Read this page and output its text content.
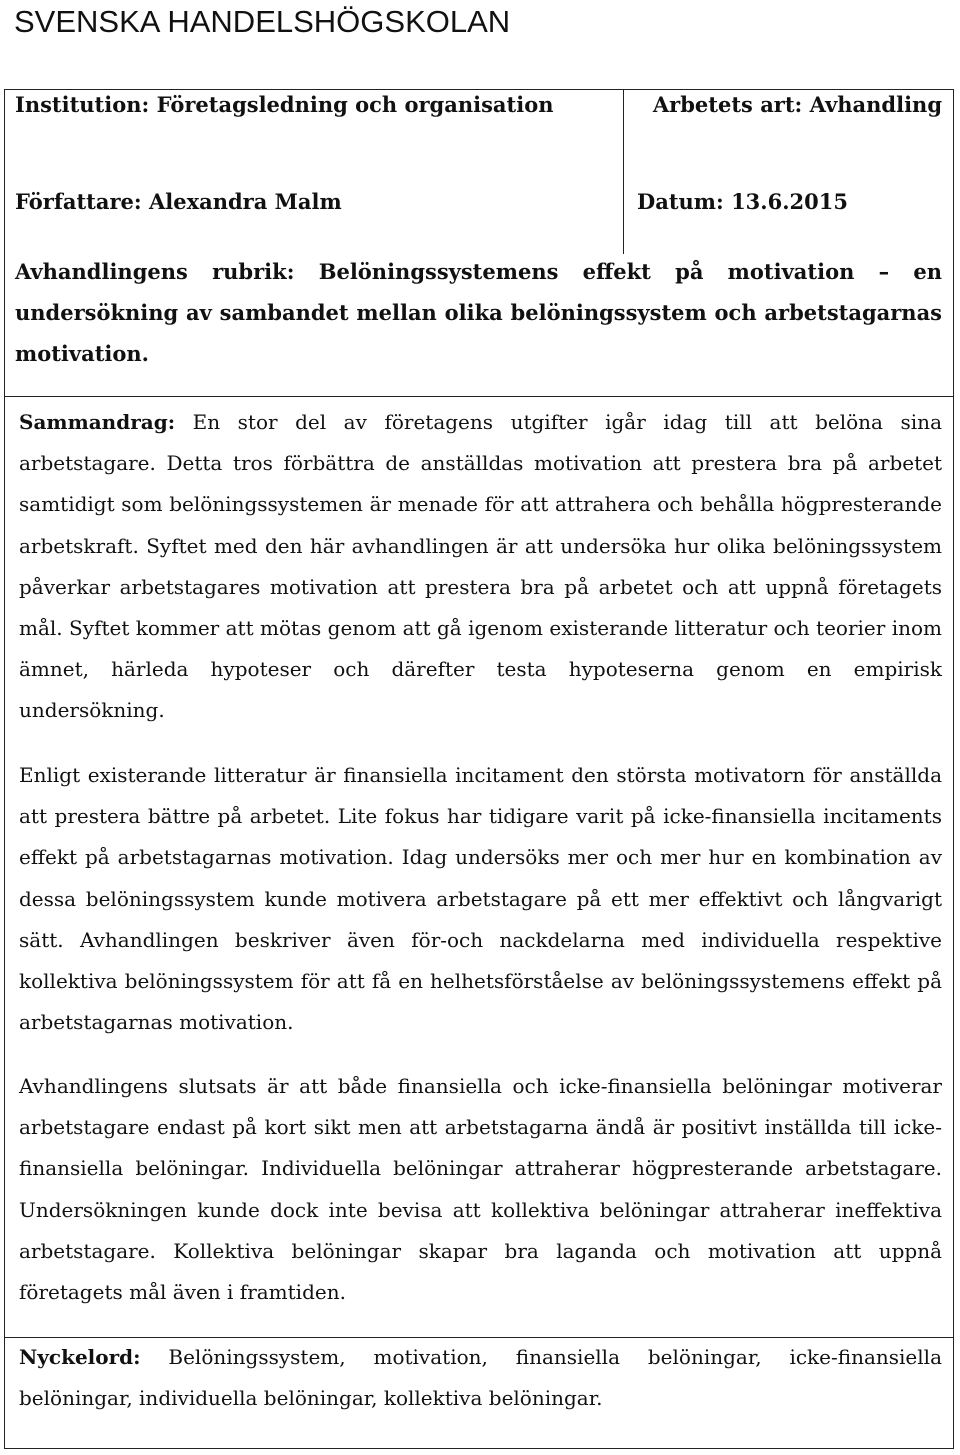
SVENSKA HANDELSHÖGSKOLAN

Institution: Företagsledning och organisation	Arbetets art: Avhandling

Författare: Alexandra Malm	Datum: 13.6.2015

Avhandlingens rubrik: Belöningssystemens effekt på motivation – en undersökning av sambandet mellan olika belöningssystem och arbetstagarnas motivation.

Sammandrag: En stor del av företagens utgifter igår idag till att belöna sina arbetstagare. Detta tros förbättra de anställdas motivation att prestera bra på arbetet samtidigt som belöningssystemen är menade för att attrahera och behålla högpresterande arbetskraft. Syftet med den här avhandlingen är att undersöka hur olika belöningssystem påverkar arbetstagares motivation att prestera bra på arbetet och att uppnå företagets mål. Syftet kommer att mötas genom att gå igenom existerande litteratur och teorier inom ämnet, härleda hypoteser och därefter testa hypoteserna genom en empirisk undersökning.

Enligt existerande litteratur är finansiella incitament den största motivatorn för anställda att prestera bättre på arbetet. Lite fokus har tidigare varit på icke-finansiella incitaments effekt på arbetstagarnas motivation. Idag undersöks mer och mer hur en kombination av dessa belöningssystem kunde motivera arbetstagare på ett mer effektivt och långvarigt sätt. Avhandlingen beskriver även för-och nackdelarna med individuella respektive kollektiva belöningssystem för att få en helhetsförståelse av belöningssystemens effekt på arbetstagarnas motivation.

Avhandlingens slutsats är att både finansiella och icke-finansiella belöningar motiverar arbetstagare endast på kort sikt men att arbetstagarna ändå är positivt inställda till icke-finansiella belöningar. Individuella belöningar attraherar högpresterande arbetstagare. Undersökningen kunde dock inte bevisa att kollektiva belöningar attraherar ineffektiva arbetstagare. Kollektiva belöningar skapar bra laganda och motivation att uppnå företagets mål även i framtiden.

Nyckelord: Belöningssystem, motivation, finansiella belöningar, icke-finansiella belöningar, individuella belöningar, kollektiva belöningar.
